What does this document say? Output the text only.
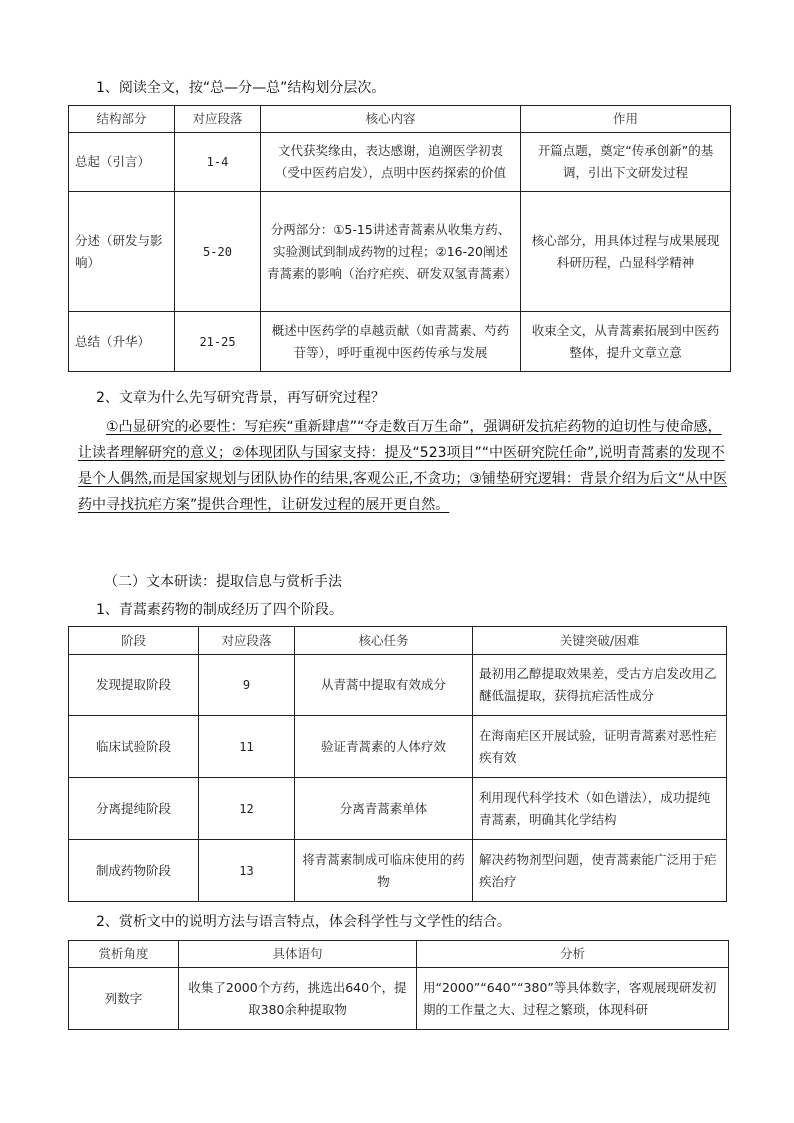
1、阅读全文，按“总—分—总”结构划分层次。
结构部分	对应段落	核心内容	作用
总起（引言）	1-4	文代获奖缘由，表达感谢，追溯医学初衷（受中医药启发），点明中医药探索的价值	开篇点题，奠定“传承创新”的基调，引出下文研发过程
分述（研发与影响）	5-20	分两部分：①5-15讲述青蒿素从收集方药、实验测试到制成药物的过程；②16-20阐述青蒿素的影响（治疗疟疾、研发双氢青蒿素）	核心部分，用具体过程与成果展现科研历程，凸显科学精神
总结（升华）	21-25	概述中医药学的卓越贡献（如青蒿素、芍药苷等），呼吁重视中医药传承与发展	收束全文，从青蒿素拓展到中医药整体，提升文章立意
2、文章为什么先写研究背景，再写研究过程？
①凸显研究的必要性：写疟疾“重新肆虐”“夺走数百万生命”，强调研发抗疟药物的迫切性与使命感，让读者理解研究的意义；②体现团队与国家支持：提及“523项目”“中医研究院任命”,说明青蒿素的发现不是个人偶然,而是国家规划与团队协作的结果,客观公正,不贪功；③铺垫研究逻辑：背景介绍为后文“从中医药中寻找抗疟方案”提供合理性，让研发过程的展开更自然。
（二）文本研读：提取信息与赏析手法
1、青蒿素药物的制成经历了四个阶段。
阶段	对应段落	核心任务	关键突破/困难
发现提取阶段	9	从青蒿中提取有效成分	最初用乙醇提取效果差，受古方启发改用乙醚低温提取，获得抗疟活性成分
临床试验阶段	11	验证青蒿素的人体疗效	在海南疟区开展试验，证明青蒿素对恶性疟疾有效
分离提纯阶段	12	分离青蒿素单体	利用现代科学技术（如色谱法），成功提纯青蒿素，明确其化学结构
制成药物阶段	13	将青蒿素制成可临床使用的药物	解决药物剂型问题，使青蒿素能广泛用于疟疾治疗
2、赏析文中的说明方法与语言特点，体会科学性与文学性的结合。
赏析角度	具体语句	分析
列数字	收集了2000个方药，挑选出640个，提取380余种提取物	用“2000”“640”“380”等具体数字，客观展现研发初期的工作量之大、过程之繁琐，体现科研
